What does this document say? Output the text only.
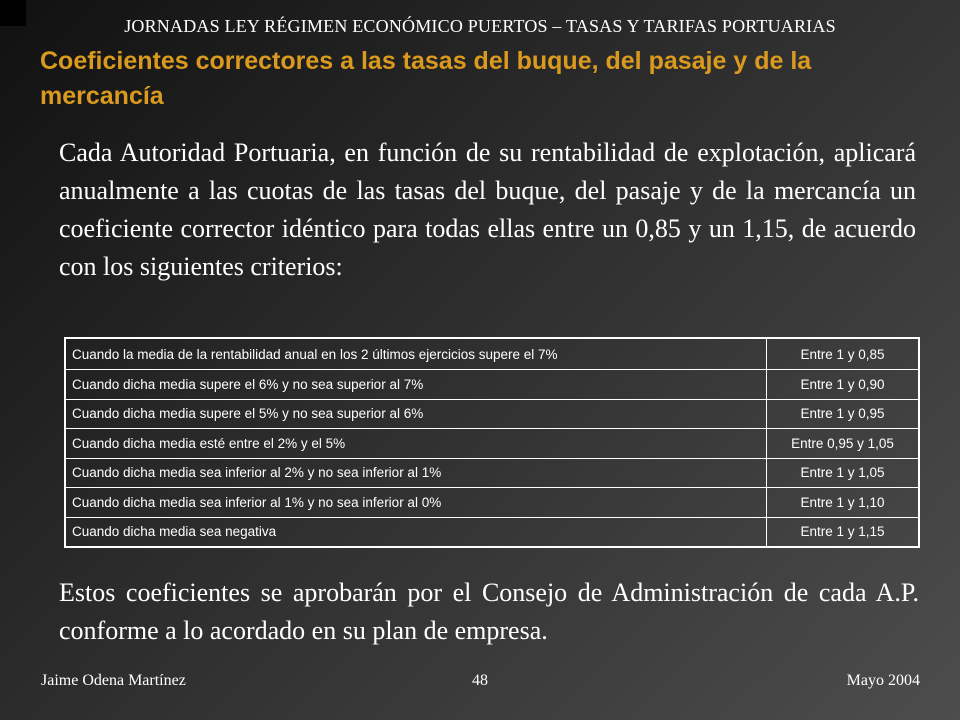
JORNADAS LEY RÉGIMEN ECONÓMICO PUERTOS – TASAS Y TARIFAS PORTUARIAS
Coeficientes correctores a las tasas del buque, del pasaje y de la mercancía
Cada Autoridad Portuaria, en función de su rentabilidad de explotación, aplicará anualmente a las cuotas de las tasas del buque, del pasaje y de la mercancía un coeficiente corrector idéntico para todas ellas entre un 0,85 y un 1,15, de acuerdo con los siguientes criterios:
Cuando la media de la rentabilidad anual en los 2 últimos ejercicios supere el 7%	Entre 1 y 0,85
Cuando dicha media supere el 6% y no sea superior al 7%	Entre 1 y 0,90
Cuando dicha media supere el 5% y no sea superior al 6%	Entre 1 y 0,95
Cuando dicha media esté entre el 2% y el 5%	Entre 0,95 y 1,05
Cuando dicha media sea inferior al 2% y no sea inferior al 1%	Entre 1 y 1,05
Cuando dicha media sea inferior al 1% y no sea inferior al 0%	Entre 1 y 1,10
Cuando dicha media sea negativa	Entre 1 y 1,15
Estos coeficientes se aprobarán por el Consejo de Administración de cada A.P. conforme a lo acordado en su plan de empresa.
Jaime Odena Martínez	48	Mayo 2004
